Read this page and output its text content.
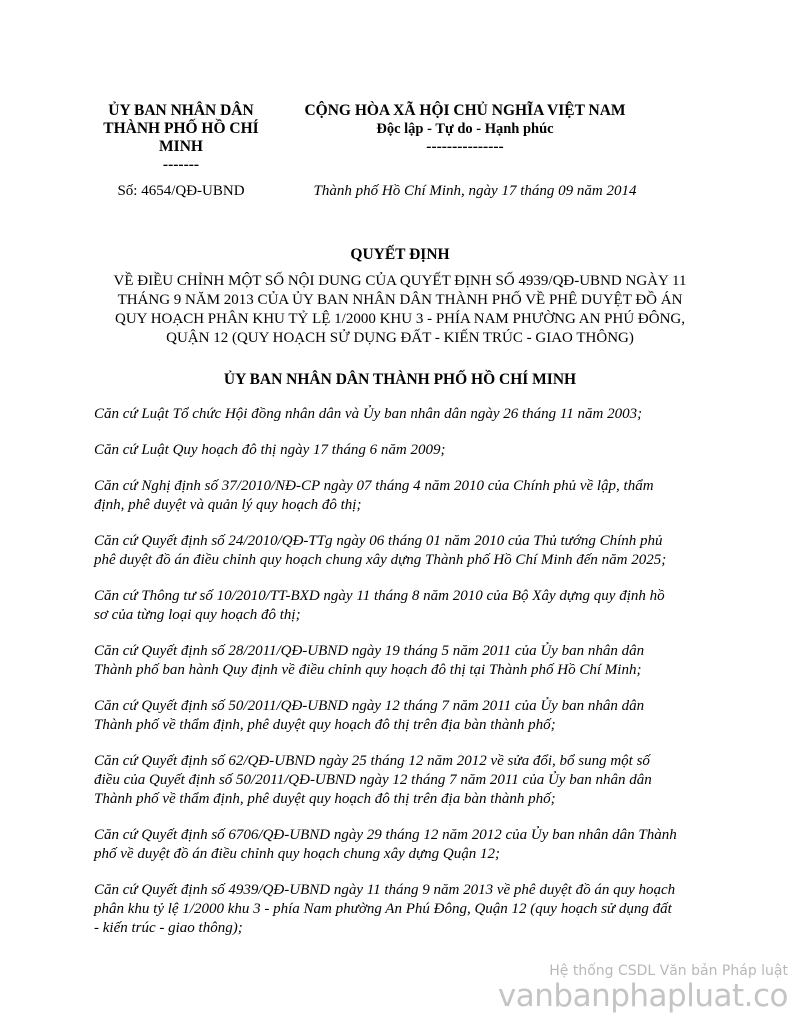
ỦY BAN NHÂN DÂN
THÀNH PHỐ HỒ CHÍ
MINH
-------
CỘNG HÒA XÃ HỘI CHỦ NGHĨA VIỆT NAM
Độc lập - Tự do - Hạnh phúc
---------------
Số: 4654/QĐ-UBND	Thành phố Hồ Chí Minh, ngày 17 tháng 09 năm 2014
QUYẾT ĐỊNH
VỀ ĐIỀU CHỈNH MỘT SỐ NỘI DUNG CỦA QUYẾT ĐỊNH SỐ 4939/QĐ-UBND NGÀY 11
THÁNG 9 NĂM 2013 CỦA ỦY BAN NHÂN DÂN THÀNH PHỐ VỀ PHÊ DUYỆT ĐỒ ÁN
QUY HOẠCH PHÂN KHU TỶ LỆ 1/2000 KHU 3 - PHÍA NAM PHƯỜNG AN PHÚ ĐÔNG,
QUẬN 12 (QUY HOẠCH SỬ DỤNG ĐẤT - KIẾN TRÚC - GIAO THÔNG)
ỦY BAN NHÂN DÂN THÀNH PHỐ HỒ CHÍ MINH
Căn cứ Luật Tổ chức Hội đồng nhân dân và Ủy ban nhân dân ngày 26 tháng 11 năm 2003;
Căn cứ Luật Quy hoạch đô thị ngày 17 tháng 6 năm 2009;
Căn cứ Nghị định số 37/2010/NĐ-CP ngày 07 tháng 4 năm 2010 của Chính phủ về lập, thẩm
định, phê duyệt và quản lý quy hoạch đô thị;
Căn cứ Quyết định số 24/2010/QĐ-TTg ngày 06 tháng 01 năm 2010 của Thủ tướng Chính phủ
phê duyệt đồ án điều chỉnh quy hoạch chung xây dựng Thành phố Hồ Chí Minh đến năm 2025;
Căn cứ Thông tư số 10/2010/TT-BXD ngày 11 tháng 8 năm 2010 của Bộ Xây dựng quy định hồ
sơ của từng loại quy hoạch đô thị;
Căn cứ Quyết định số 28/2011/QĐ-UBND ngày 19 tháng 5 năm 2011 của Ủy ban nhân dân
Thành phố ban hành Quy định về điều chỉnh quy hoạch đô thị tại Thành phố Hồ Chí Minh;
Căn cứ Quyết định số 50/2011/QĐ-UBND ngày 12 tháng 7 năm 2011 của Ủy ban nhân dân
Thành phố về thẩm định, phê duyệt quy hoạch đô thị trên địa bàn thành phố;
Căn cứ Quyết định số 62/QĐ-UBND ngày 25 tháng 12 năm 2012 về sửa đổi, bổ sung một số
điều của Quyết định số 50/2011/QĐ-UBND ngày 12 tháng 7 năm 2011 của Ủy ban nhân dân
Thành phố về thẩm định, phê duyệt quy hoạch đô thị trên địa bàn thành phố;
Căn cứ Quyết định số 6706/QĐ-UBND ngày 29 tháng 12 năm 2012 của Ủy ban nhân dân Thành
phố về duyệt đồ án điều chỉnh quy hoạch chung xây dựng Quận 12;
Căn cứ Quyết định số 4939/QĐ-UBND ngày 11 tháng 9 năm 2013 về phê duyệt đồ án quy hoạch
phân khu tỷ lệ 1/2000 khu 3 - phía Nam phường An Phú Đông, Quận 12 (quy hoạch sử dụng đất
- kiến trúc - giao thông);
Hệ thống CSDL Văn bản Pháp luật
vanbanphapluat.co
